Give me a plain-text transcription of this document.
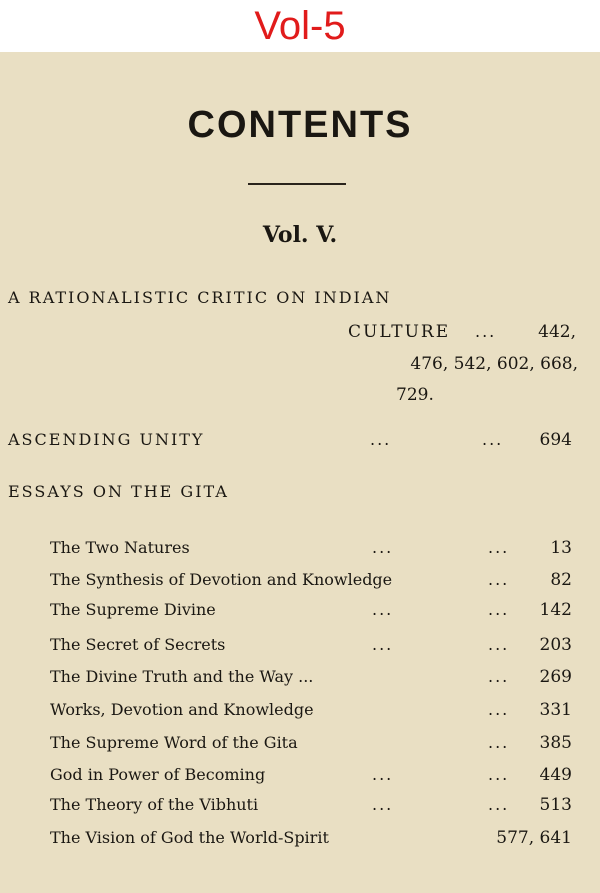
Vol-5
CONTENTS
Vol. V.
A RATIONALISTIC CRITIC ON INDIAN
CULTURE ...	442,
476, 542, 602, 668,
729.
ASCENDING UNITY	...	...	694
ESSAYS ON THE GITA
The Two Natures	...	...	13
The Synthesis of Devotion and Knowledge	...	82
The Supreme Divine	...	...	142
The Secret of Secrets	...	...	203
The Divine Truth and the Way ...	...	269
Works, Devotion and Knowledge	...	331
The Supreme Word of the Gita	...	385
God in Power of Becoming	...	...	449
The Theory of the Vibhuti	...	...	513
The Vision of God the World-Spirit	577, 641
